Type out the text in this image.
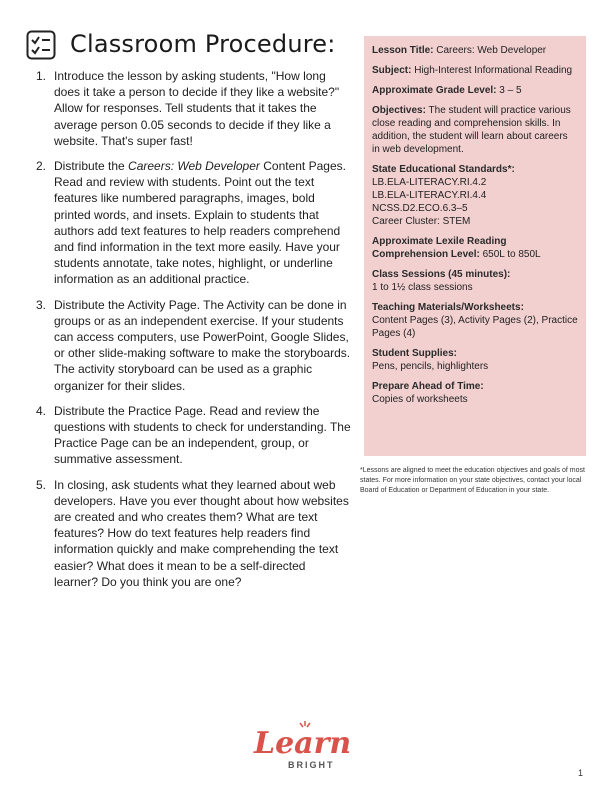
Classroom Procedure:
1. Introduce the lesson by asking students, "How long does it take a person to decide if they like a website?" Allow for responses. Tell students that it takes the average person 0.05 seconds to decide if they like a website. That's super fast!
2. Distribute the Careers: Web Developer Content Pages. Read and review with students. Point out the text features like numbered paragraphs, images, bold printed words, and insets. Explain to students that authors add text features to help readers comprehend and find information in the text more easily. Have your students annotate, take notes, highlight, or underline information as an additional practice.
3. Distribute the Activity Page. The Activity can be done in groups or as an independent exercise. If your students can access computers, use PowerPoint, Google Slides, or other slide-making software to make the storyboards. The activity storyboard can be used as a graphic organizer for their slides.
4. Distribute the Practice Page. Read and review the questions with students to check for understanding. The Practice Page can be an independent, group, or summative assessment.
5. In closing, ask students what they learned about web developers. Have you ever thought about how websites are created and who creates them? What are text features? How do text features help readers find information quickly and make comprehending the text easier? What does it mean to be a self-directed learner? Do you think you are one?
Lesson Title: Careers: Web Developer
Subject: High-Interest Informational Reading
Approximate Grade Level: 3 – 5
Objectives: The student will practice various close reading and comprehension skills. In addition, the student will learn about careers in web development.
State Educational Standards*:
LB.ELA-LITERACY.RI.4.2
LB.ELA-LITERACY.RI.4.4
NCSS.D2.ECO.6.3–5
Career Cluster: STEM
Approximate Lexile Reading Comprehension Level: 650L to 850L
Class Sessions (45 minutes):
1 to 1½ class sessions
Teaching Materials/Worksheets:
Content Pages (3), Activity Pages (2), Practice Pages (4)
Student Supplies:
Pens, pencils, highlighters
Prepare Ahead of Time:
Copies of worksheets
*Lessons are aligned to meet the education objectives and goals of most states. For more information on your state objectives, contact your local Board of Education or Department of Education in your state.
Learn
BRIGHT
1
